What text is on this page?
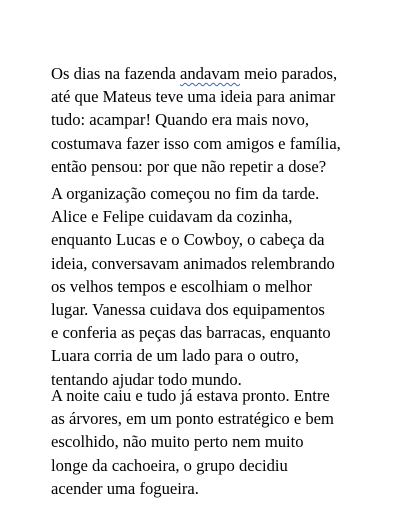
Os dias na fazenda andavam meio parados,
até que Mateus teve uma ideia para animar
tudo: acampar! Quando era mais novo,
costumava fazer isso com amigos e família,
então pensou: por que não repetir a dose?

A organização começou no fim da tarde.
Alice e Felipe cuidavam da cozinha,
enquanto Lucas e o Cowboy, o cabeça da
ideia, conversavam animados relembrando
os velhos tempos e escolhiam o melhor
lugar. Vanessa cuidava dos equipamentos
e conferia as peças das barracas, enquanto
Luara corria de um lado para o outro,
tentando ajudar todo mundo.

A noite caiu e tudo já estava pronto. Entre
as árvores, em um ponto estratégico e bem
escolhido, não muito perto nem muito
longe da cachoeira, o grupo decidiu
acender uma fogueira.
